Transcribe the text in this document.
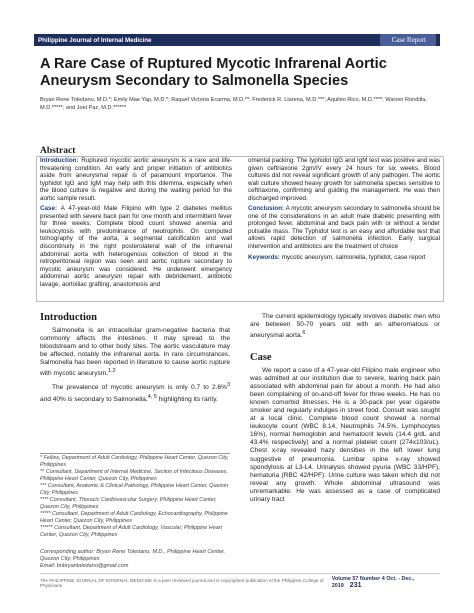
Philippine Journal of Internal Medicine	Case Report
A Rare Case of Ruptured Mycotic Infrarenal Aortic Aneurysm Secondary to Salmonella Species
Bryan Rene Toledano, M.D.*; Emily Mae Yap, M.D.*; Raquel Victoria Ecarma, M.D.**; Frederick R. Llarena, M.D.***; Aquileo Rico, M.D.****; Warren Rondilla, M.D.*****; and Joel Paz, M.D.******
Abstract

Introduction: Ruptured mycotic aortic aneurysm is a rare and life-threatening condition. An early and proper initiation of antibiotics aside from aneurysmal repair is of paramount importance. The typhidot IgG and IgM may help with this dilemma, especially when the blood culture is negative and during the waiting period for the aortic sample result.

Case: A 47-year-old Male Filipino with type 2 diabetes mellitus presented with severe back pain for one month and intermittent fever for three weeks. Complete blood count showed anemia and leukocytosis with predominance of neutrophils. On computed tomography of the aorta, a segmental calcification and wall discontinuity in the right posterolateral wall of the infrarenal abdominal aorta with heterogenous collection of blood in the retroperitoneal region was seen and aortic rupture secondary to mycotic aneurysm was considered. He underwent emergency abdominal aortic aneurysm repair with debridement, antibiotic lavage, aortoiliac grafting, anastomosis and

omental packing. The typhidot IgG and IgM test was positive and was given ceftriaxone 2gm/IV every 24 hours for six weeks. Blood cultures did not reveal significant growth of any pathogen. The aortic wall culture showed heavy growth for salmonella species sensitive to ceftriaxone, confirming and guiding the management. He was then discharged improved.

Conclusion: A mycotic aneurysm secondary to salmonella should be one of the considerations in an adult male diabetic presenting with prolonged fever, abdominal and back pain with or without a tender pulsatile mass. The Typhidot test is an easy and affordable test that allows rapid detection of salmonella infection. Early surgical intervention and antibiotics are the treatment of choice

Keywords: mycotic aneurysm, salmonella, typhidot, case report

Introduction

Salmonella is an intracellular gram-negative bacteria that commonly affects the intestines. It may spread to the bloodstream and to other body sites. The aortic vasculature may be affected, notably the infrarenal aorta. In rare circumstances, Salmonella has been reported in literature to cause aortic rupture with mycotic aneurysm.$^{1,2}$

The prevalence of mycotic aneurysm is only 0.7 to 2.6%$^3$ and 40% is secondary to Salmonella,$^{4, 5}$ highlighting its rarity.

* Fellow, Department of Adult Cardiology, Philippine Heart Center, Quezon City, Philippines

** Consultant, Department of Internal Medicine, Section of Infectious Diseases, Philippine Heart Center, Quezon City, Philippines

*** Consultant, Anatomic & Clinical Pathology, Philippine Heart Center, Quezon City, Philippines

**** Consultant, Thoracic Cardiovascular Surgery, Philippine Heart Center, Quezon City, Philippines

***** Consultant, Department of Adult Cardiology, Echocardiography, Philippine Heart Center, Quezon City, Philippines

****** Consultant, Department of Adult Cardiology, Vascular, Philippine Heart Center, Quezon City, Philippines

Corresponding author: Bryan Rene Toledano, M.D., Philippine Heart Center, Quezon City, Philippines
Email: bnbryantoledano@gmail.com

The current epidemiology typically involves diabetic men who are between 50-70 years old with an atheromatous or aneurysmal aorta.$^6$

Case

We report a case of a 47-year-old Filipino male engineer who was admitted at our institution due to severe, tearing back pain associated with abdominal pain for about a month. He had also been complaining of on-and-off fever for three weeks. He has no known comorbid illnesses. He is a 30-pack per year cigarette smoker and regularly indulges in street food. Consult was sought at a local clinic. Complete blood count showed a normal leukocyte count (WBC 8.14, Neutrophils 74.5%, Lymphocytes 16%), normal hemoglobin and hematocrit levels (14.4 g/dL and 43.4% respectively) and a normal platelet count (274x103/uL). Chest x-ray revealed hazy densities in the left lower lung suggestive of pneumonia. Lumbar spine x-ray showed spondylosis at L3-L4. Urinalysis showed pyuria (WBC 33/HPF), hematuria (RBC 42/HPF). Urine culture was taken which did not reveal any growth. Whole abdominal ultrasound was unremarkable. He was assessed as a case of complicated urinary tract

The PHILIPPINE JOURNAL OF INTERNAL MEDICINE is a peer reviewed journal and is copyrighted publication of the Philippine College of Physicians
Volume 57 Number 4 Oct. - Dec., 2019 231
